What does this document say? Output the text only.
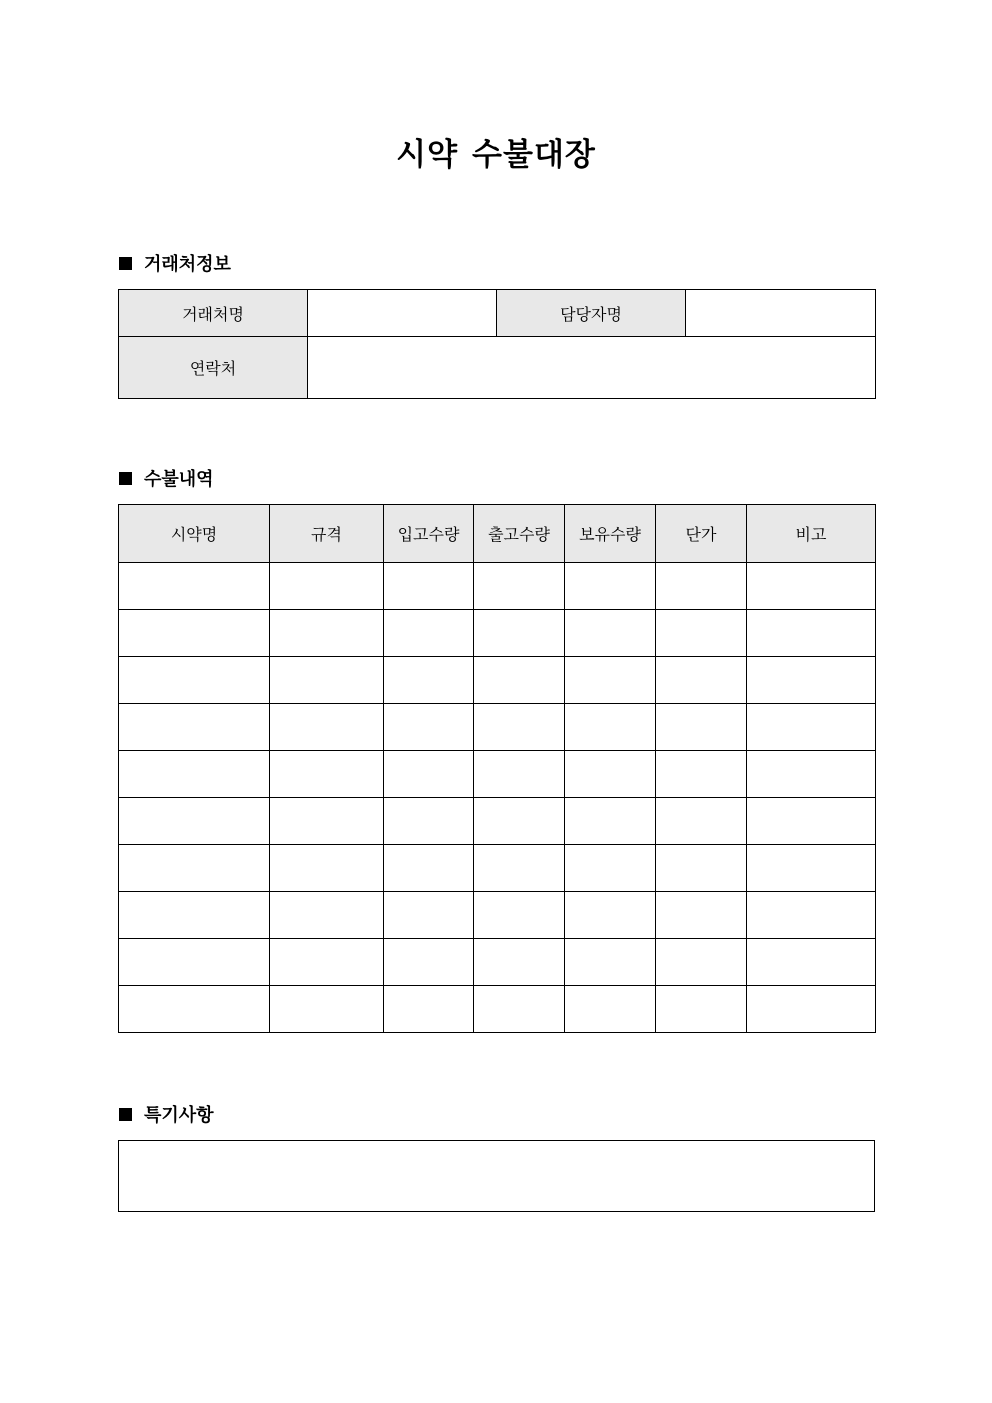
시약 수불대장
거래처정보
거래처명		담당자명	
연락처			
수불내역
시약명	규격	입고수량	출고수량	보유수량	단가	비고

특기사항
